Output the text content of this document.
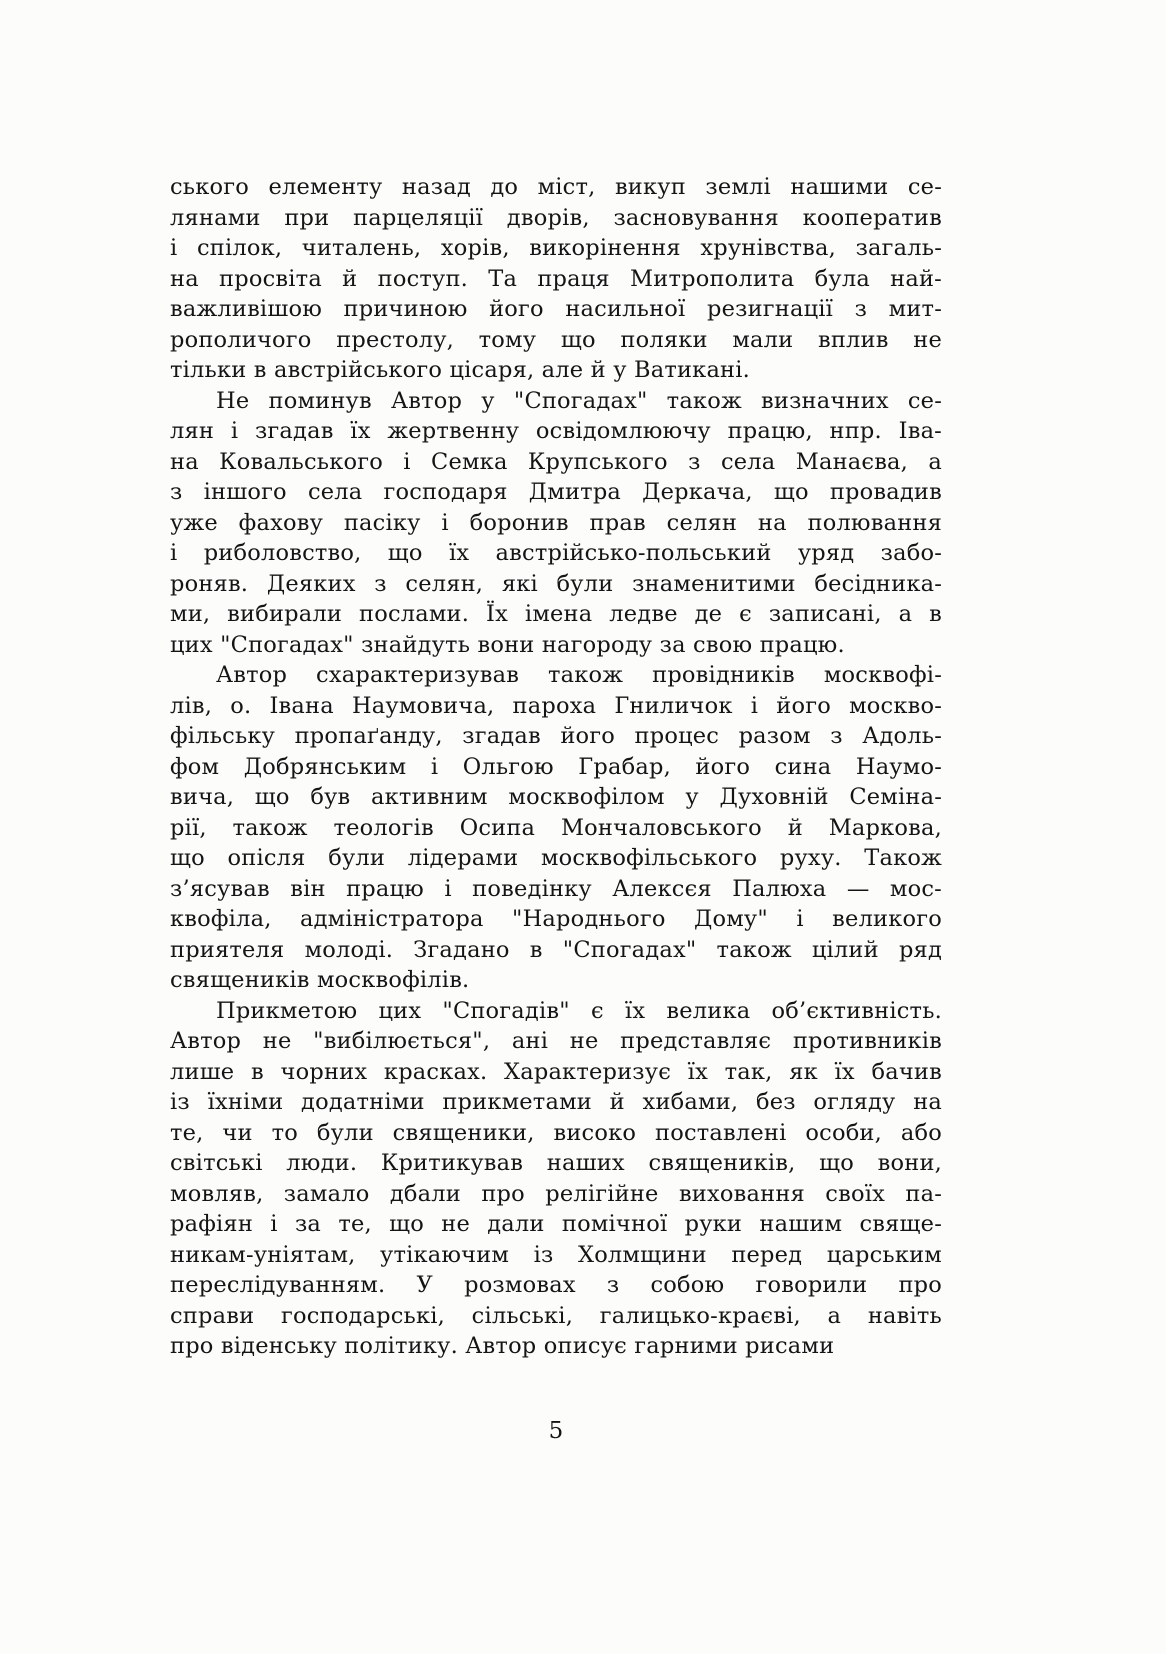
ського елементу назад до міст, викуп землі нашими се-
лянами при парцеляції дворів, засновування кооператив
і спілок, читалень, хорів, викорінення хрунівства, загаль-
на просвіта й поступ. Та праця Митрополита була най-
важливішою причиною його насильної резигнації з мит-
рополичого престолу, тому що поляки мали вплив не
тільки в австрійського цісаря, але й у Ватикані.

Не поминув Автор у "Спогадах" також визначних се-
лян і згадав їх жертвенну освідомлюючу працю, нпр. Іва-
на Ковальського і Семка Крупського з села Манаєва, а
з іншого села господаря Дмитра Деркача, що провадив
уже фахову пасіку і боронив прав селян на полювання
і риболовство, що їх австрійсько-польський уряд забо-
роняв. Деяких з селян, які були знаменитими бесідника-
ми, вибирали послами. Їх імена ледве де є записані, а в
цих "Спогадах" знайдуть вони нагороду за свою працю.

Автор схарактеризував також провідників москвофі-
лів, о. Івана Наумовича, пароха Гниличок і його москво-
фільську пропаґанду, згадав його процес разом з Адоль-
фом Добрянським і Ольгою Грабар, його сина Наумо-
вича, що був активним москвофілом у Духовній Семіна-
рії, також теологів Осипа Мончаловського й Маркова,
що опісля були лідерами москвофільського руху. Також
з’ясував він працю і поведінку Алексєя Палюха — мос-
квофіла, адміністратора "Народнього Дому" і великого
приятеля молоді. Згадано в "Спогадах" також цілий ряд
священиків москвофілів.

Прикметою цих "Спогадів" є їх велика об’єктивність.
Автор не "вибілюється", ані не представляє противників
лише в чорних красках. Характеризує їх так, як їх бачив
із їхніми додатніми прикметами й хибами, без огляду на
те, чи то були священики, високо поставлені особи, або
світські люди. Критикував наших священиків, що вони,
мовляв, замало дбали про релігійне виховання своїх па-
рафіян і за те, що не дали помічної руки нашим свяще-
никам-уніятам, утікаючим із Холмщини перед царським
переслідуванням. У розмовах з собою говорили про
справи господарські, сільські, галицько-краєві, а навіть
про віденську політику. Автор описує гарними рисами

5
